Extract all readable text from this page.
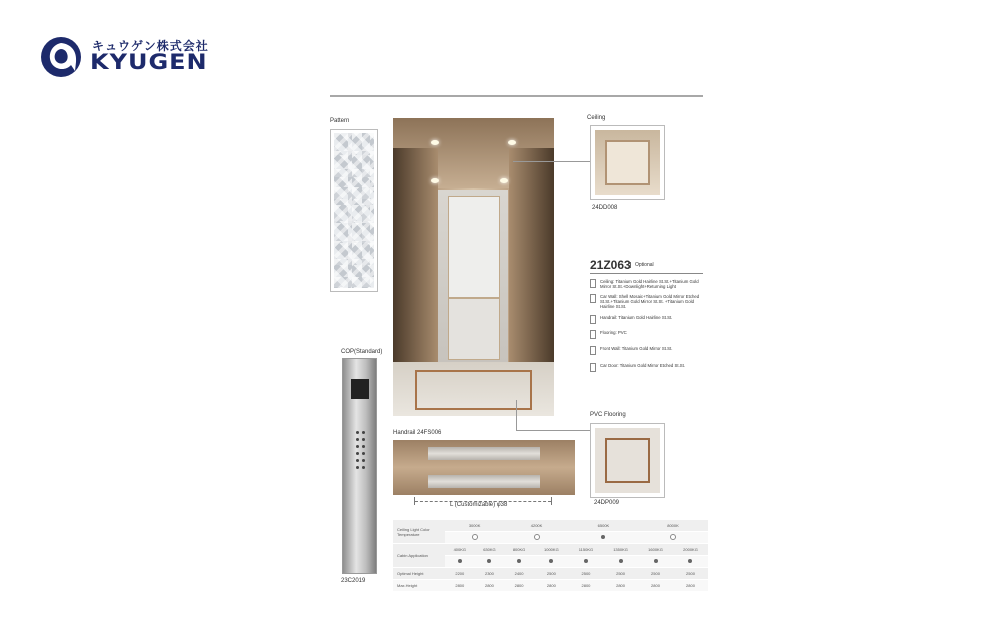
キュウゲン株式会社
KYUGEN
Pattern	Ceiling
24DD008
21Z063 Optional
Ceiling: Titanium Gold Hairline St.St.+Titanium Gold Mirror St.St.+Downlight+Returning Light
Car Wall: Shell Mosaic+Titanium Gold Mirror Etched St.St.+Titanium Gold Mirror St.St. +Titanium Gold Hairline St.St.
Handrail: Titanium Gold Hairline St.St.
Flooring: PVC
Front Wall: Titanium Gold Mirror St.St.
Car Door: Titanium Gold Mirror Etched St.St.
COP(Standard)
23C2019
Handrail 24FS006
L (Customizable) φ38
PVC Flooring
24DP009
Ceiling Light Color Temperature	3000K		4200K		6500K		8000K	

Cabin Application	400KG	630KG	800KG	1000KG	1150KG	1350KG	1600KG	2000KG

Optimal Height	2200	2300	2400	2500	2500	2500	2500	2500
Max.Height	2800	2800	2800	2800	2800	2800	2800	2800
